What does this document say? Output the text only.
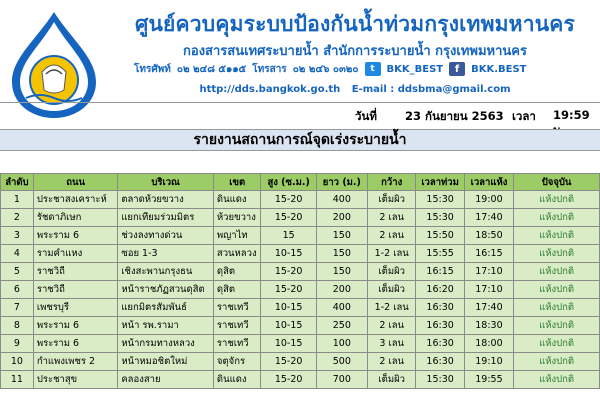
ศูนย์ควบคุมระบบป้องกันน้ำท่วมกรุงเทพมหานคร
กองสารสนเทศระบายน้ำ สำนักการระบายน้ำ กรุงเทพมหานคร
โทรศัพท์ ๐๒ ๒๔๘ ๕๑๑๕ โทรสาร ๐๒ ๒๔๖ ๐๓๒๐	t	BKK_BEST	f	BKK.BEST
http://dds.bangkok.go.th E-mail : ddsbma@gmail.com
วันที่ 23 กันยายน 2563 เวลา 19:59
รายงานสถานการณ์จุดเร่งระบายน้ำ
ลำดับ	ถนน	บริเวณ	เขต	สูง (ซ.ม.)	ยาว (ม.)	กว้าง	เวลาท่วม	เวลาแห้ง	ปัจจุบัน
1	ประชาสงเคราะห์	ตลาดห้วยขวาง	ดินแดง	15-20	400	เต็มผิว	15:30	19:00	แห้งปกติ
2	รัชดาภิเษก	แยกเทียมร่วมมิตร	ห้วยขวาง	15-20	200	2 เลน	15:30	17:40	แห้งปกติ
3	พระราม 6	ช่วงลงทางด่วน	พญาไท	15	150	2 เลน	15:50	18:50	แห้งปกติ
4	รามคำแหง	ซอย 1-3	สวนหลวง	10-15	150	1-2 เลน	15:55	16:15	แห้งปกติ
5	ราชวิถี	เชิงสะพานกรุงธน	ดุสิต	15-20	150	เต็มผิว	16:15	17:10	แห้งปกติ
6	ราชวิถี	หน้าราชภัฏสวนดุสิต	ดุสิต	15-20	200	เต็มผิว	16:20	17:10	แห้งปกติ
7	เพชรบุรี	แยกมิตรสัมพันธ์	ราชเทวี	10-15	400	1-2 เลน	16:30	17:40	แห้งปกติ
8	พระราม 6	หน้า รพ.รามา	ราชเทวี	10-15	250	2 เลน	16:30	18:30	แห้งปกติ
9	พระราม 6	หน้ากรมทางหลวง	ราชเทวี	10-15	100	3 เลน	16:30	18:00	แห้งปกติ
10	กำแพงเพชร 2	หน้าหมอชิตใหม่	จตุจักร	15-20	500	2 เลน	16:30	19:10	แห้งปกติ
11	ประชาสุข	คลองสาย	ดินแดง	15-20	700	เต็มผิว	15:30	19:55	แห้งปกติ
